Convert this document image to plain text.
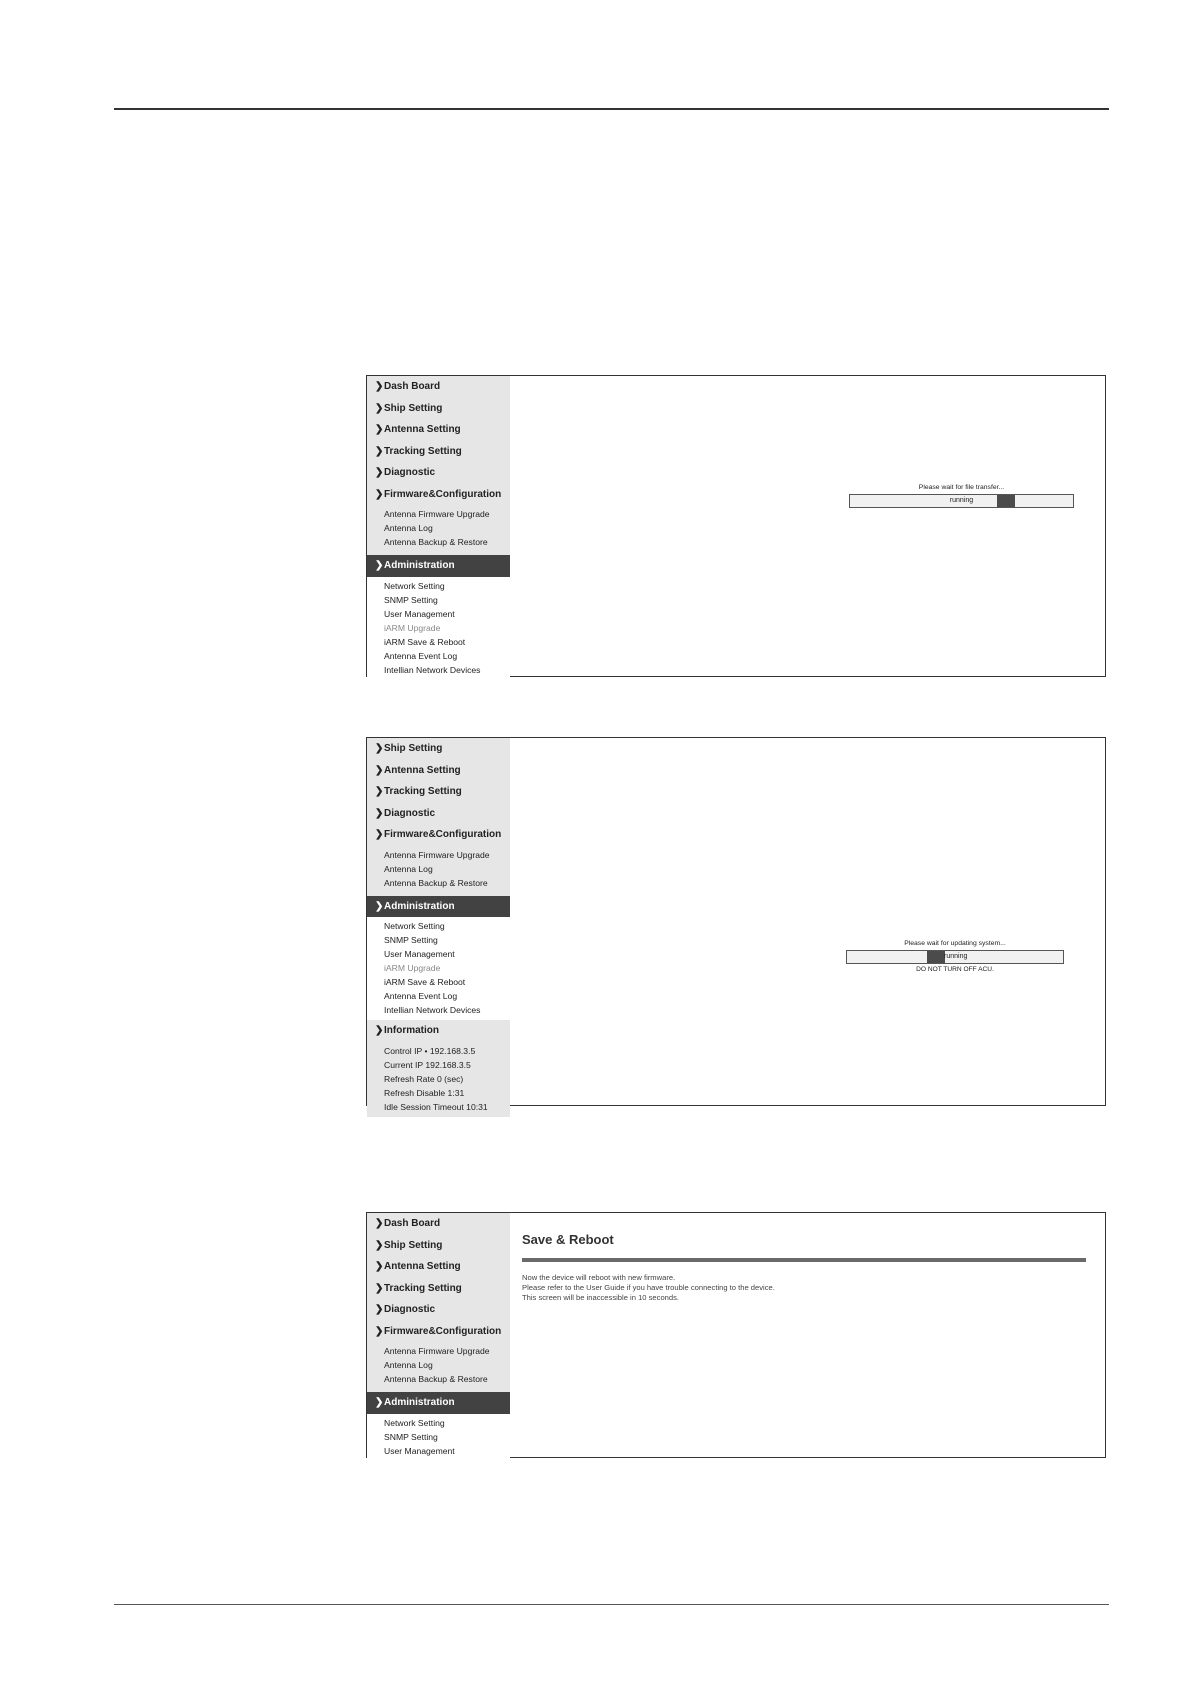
❯Dash Board
❯Ship Setting
❯Antenna Setting
❯Tracking Setting
❯Diagnostic
❯Firmware&Configuration
Antenna Firmware Upgrade
Antenna Log
Antenna Backup & Restore
❯Administration
Network Setting
SNMP Setting
User Management
iARM Upgrade
iARM Save & Reboot
Antenna Event Log
Intellian Network Devices
Please wait for file transfer...
running
❯Ship Setting
❯Antenna Setting
❯Tracking Setting
❯Diagnostic
❯Firmware&Configuration
Antenna Firmware Upgrade
Antenna Log
Antenna Backup & Restore
❯Administration
Network Setting
SNMP Setting
User Management
iARM Upgrade
iARM Save & Reboot
Antenna Event Log
Intellian Network Devices
❯Information
Control IP • 192.168.3.5
Current IP 192.168.3.5
Refresh Rate 0 (sec)
Refresh Disable 1:31
Idle Session Timeout 10:31
Please wait for updating system...
running
DO NOT TURN OFF ACU.
❯Dash Board
❯Ship Setting
❯Antenna Setting
❯Tracking Setting
❯Diagnostic
❯Firmware&Configuration
Antenna Firmware Upgrade
Antenna Log
Antenna Backup & Restore
❯Administration
Network Setting
SNMP Setting
User Management
Save & Reboot
Now the device will reboot with new firmware.
Please refer to the User Guide if you have trouble connecting to the device.
This screen will be inaccessible in 10 seconds.
